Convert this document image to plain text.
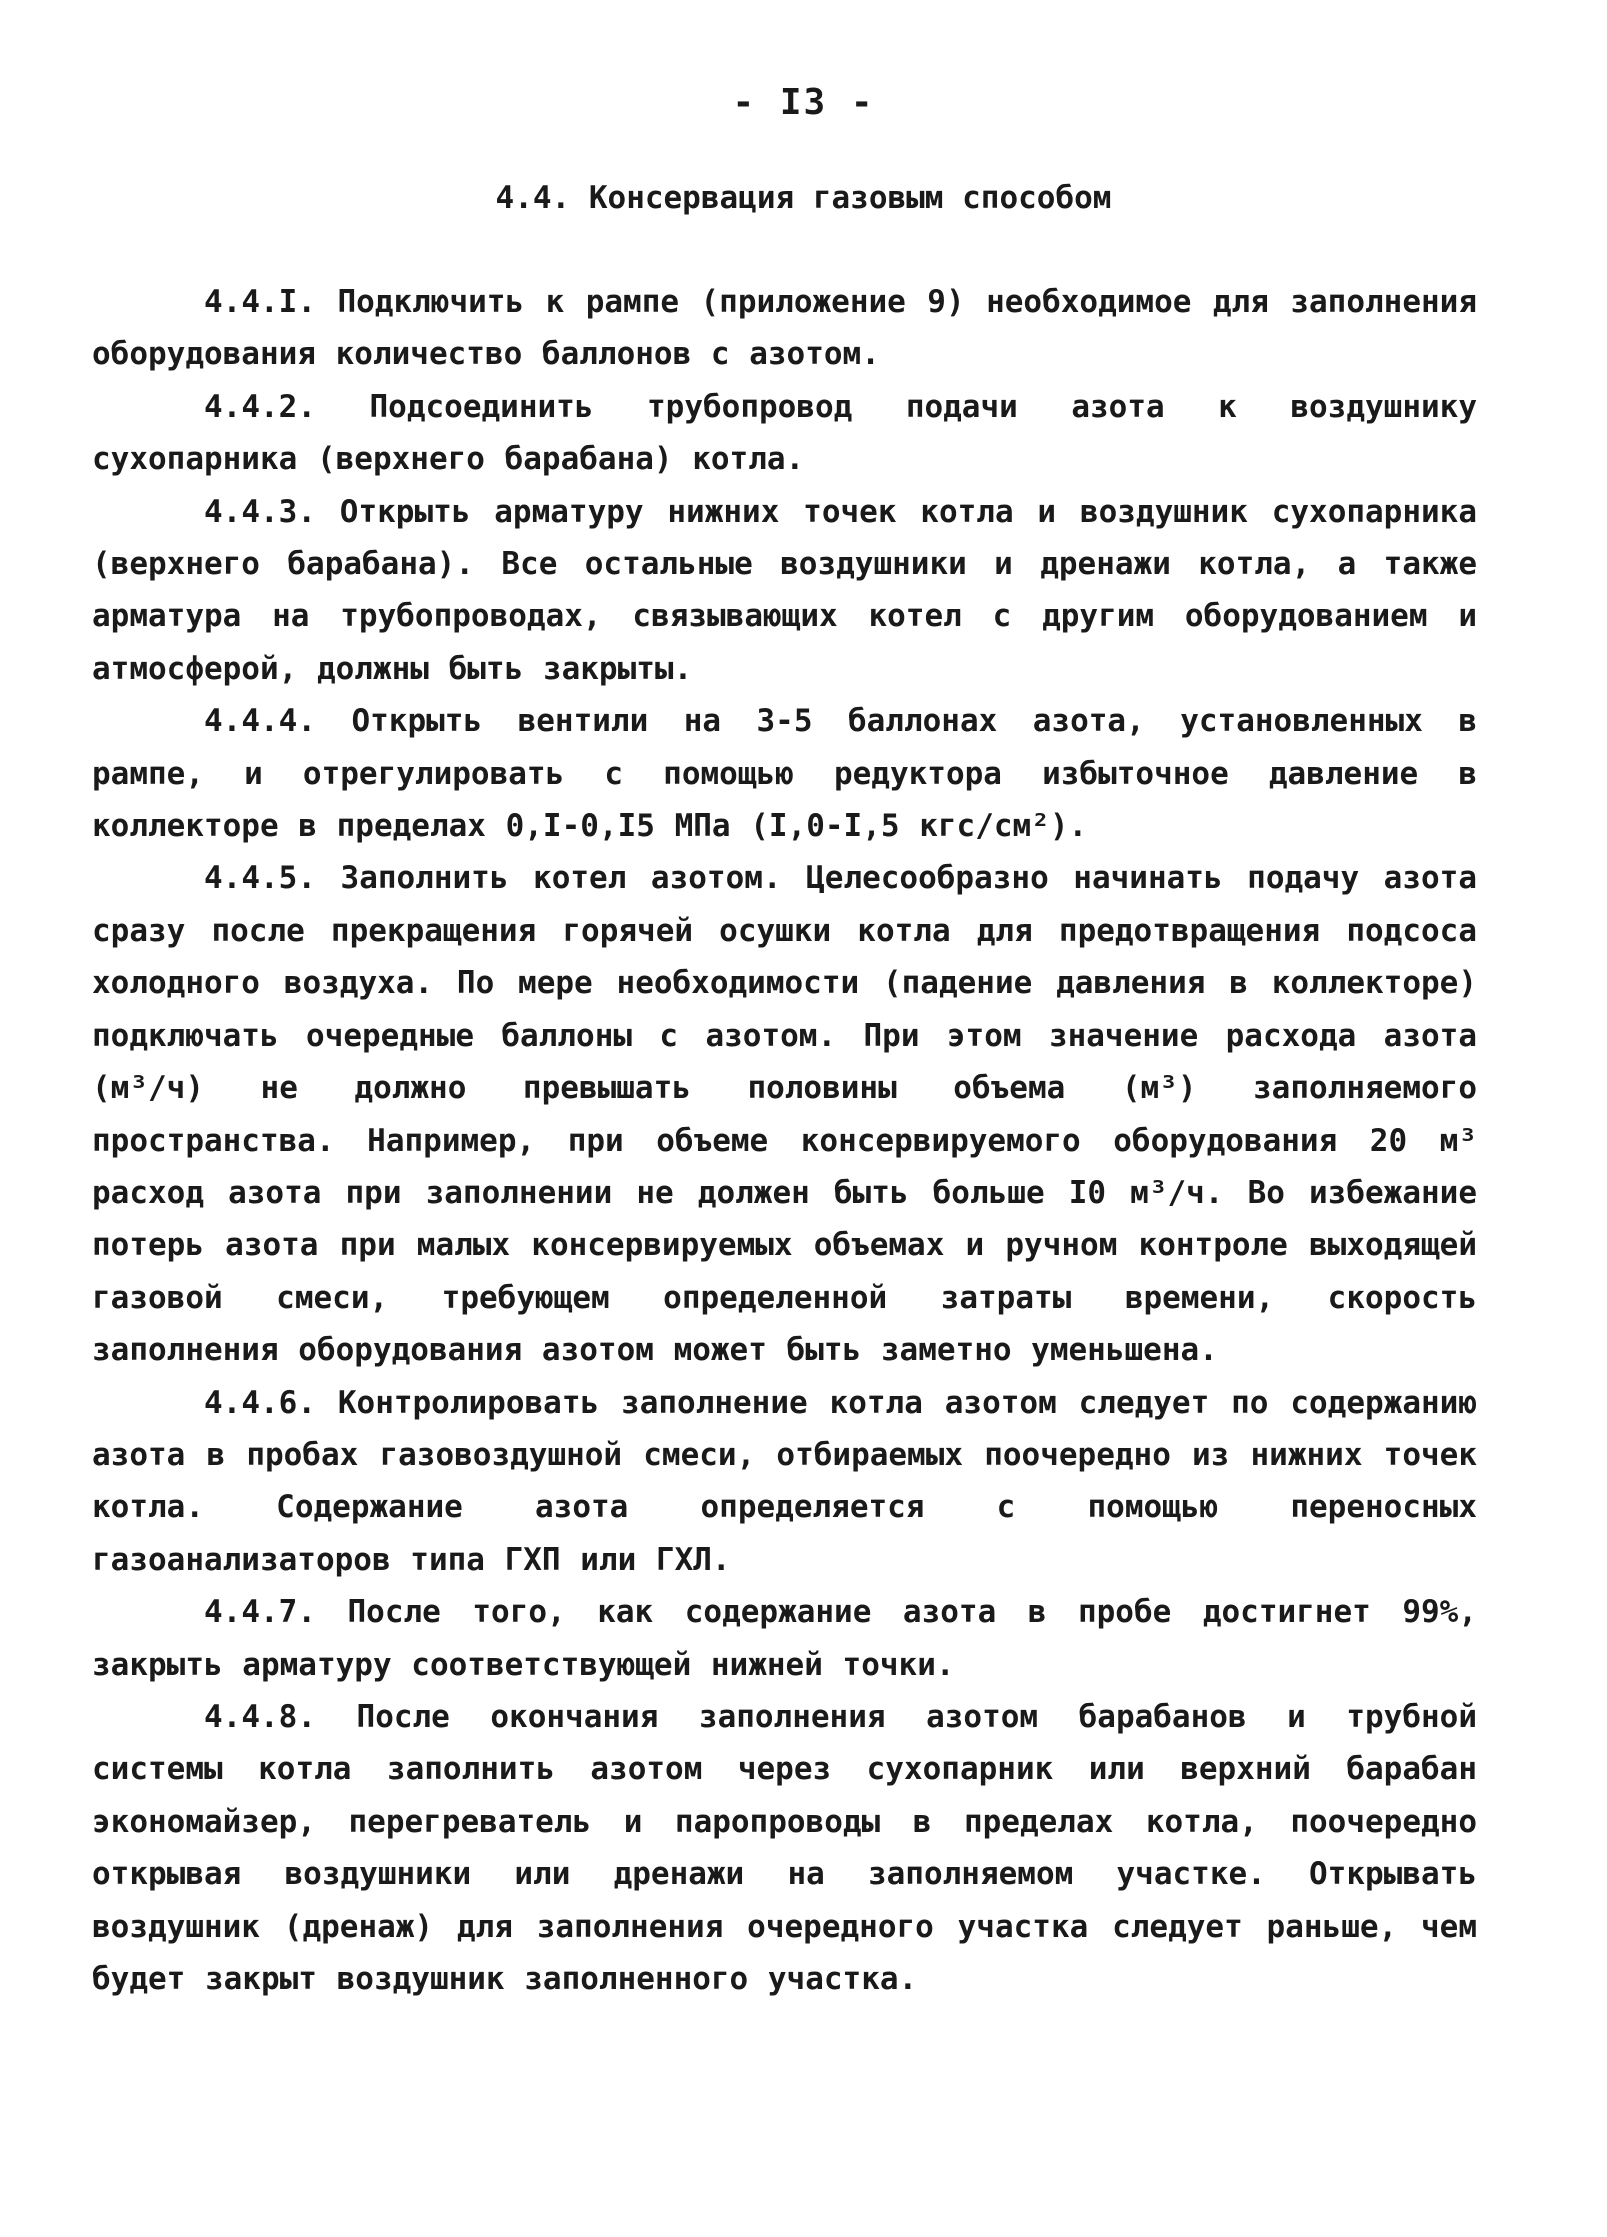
- I3 -
4.4. Консервация газовым способом

4.4.I. Подключить к рампе (приложение 9) необходимое для заполнения оборудования количество баллонов с азотом.

4.4.2. Подсоединить трубопровод подачи азота к воздушнику сухопарника (верхнего барабана) котла.

4.4.3. Открыть арматуру нижних точек котла и воздушник сухопарника (верхнего барабана). Все остальные воздушники и дренажи котла, а также арматура на трубопроводах, связывающих котел с другим оборудованием и атмосферой, должны быть закрыты.

4.4.4. Открыть вентили на 3-5 баллонах азота, установленных в рампе, и отрегулировать с помощью редуктора избыточное давление в коллекторе в пределах 0,I-0,I5 МПа (I,0-I,5 кгс/см²).

4.4.5. Заполнить котел азотом. Целесообразно начинать подачу азота сразу после прекращения горячей осушки котла для предотвращения подсоса холодного воздуха. По мере необходимости (падение давления в коллекторе) подключать очередные баллоны с азотом. При этом значение расхода азота (м³/ч) не должно превышать половины объема (м³) заполняемого пространства. Например, при объеме консервируемого оборудования 20 м³ расход азота при заполнении не должен быть больше I0 м³/ч. Во избежание потерь азота при малых консервируемых объемах и ручном контроле выходящей газовой смеси, требующем определенной затраты времени, скорость заполнения оборудования азотом может быть заметно уменьшена.

4.4.6. Контролировать заполнение котла азотом следует по содержанию азота в пробах газовоздушной смеси, отбираемых поочередно из нижних точек котла. Содержание азота определяется с помощью переносных газоанализаторов типа ГХП или ГХЛ.

4.4.7. После того, как содержание азота в пробе достигнет 99%, закрыть арматуру соответствующей нижней точки.

4.4.8. После окончания заполнения азотом барабанов и трубной системы котла заполнить азотом через сухопарник или верхний барабан экономайзер, перегреватель и паропроводы в пределах котла, поочередно открывая воздушники или дренажи на заполняемом участке. Открывать воздушник (дренаж) для заполнения очередного участка следует раньше, чем будет закрыт воздушник заполненного участка.
